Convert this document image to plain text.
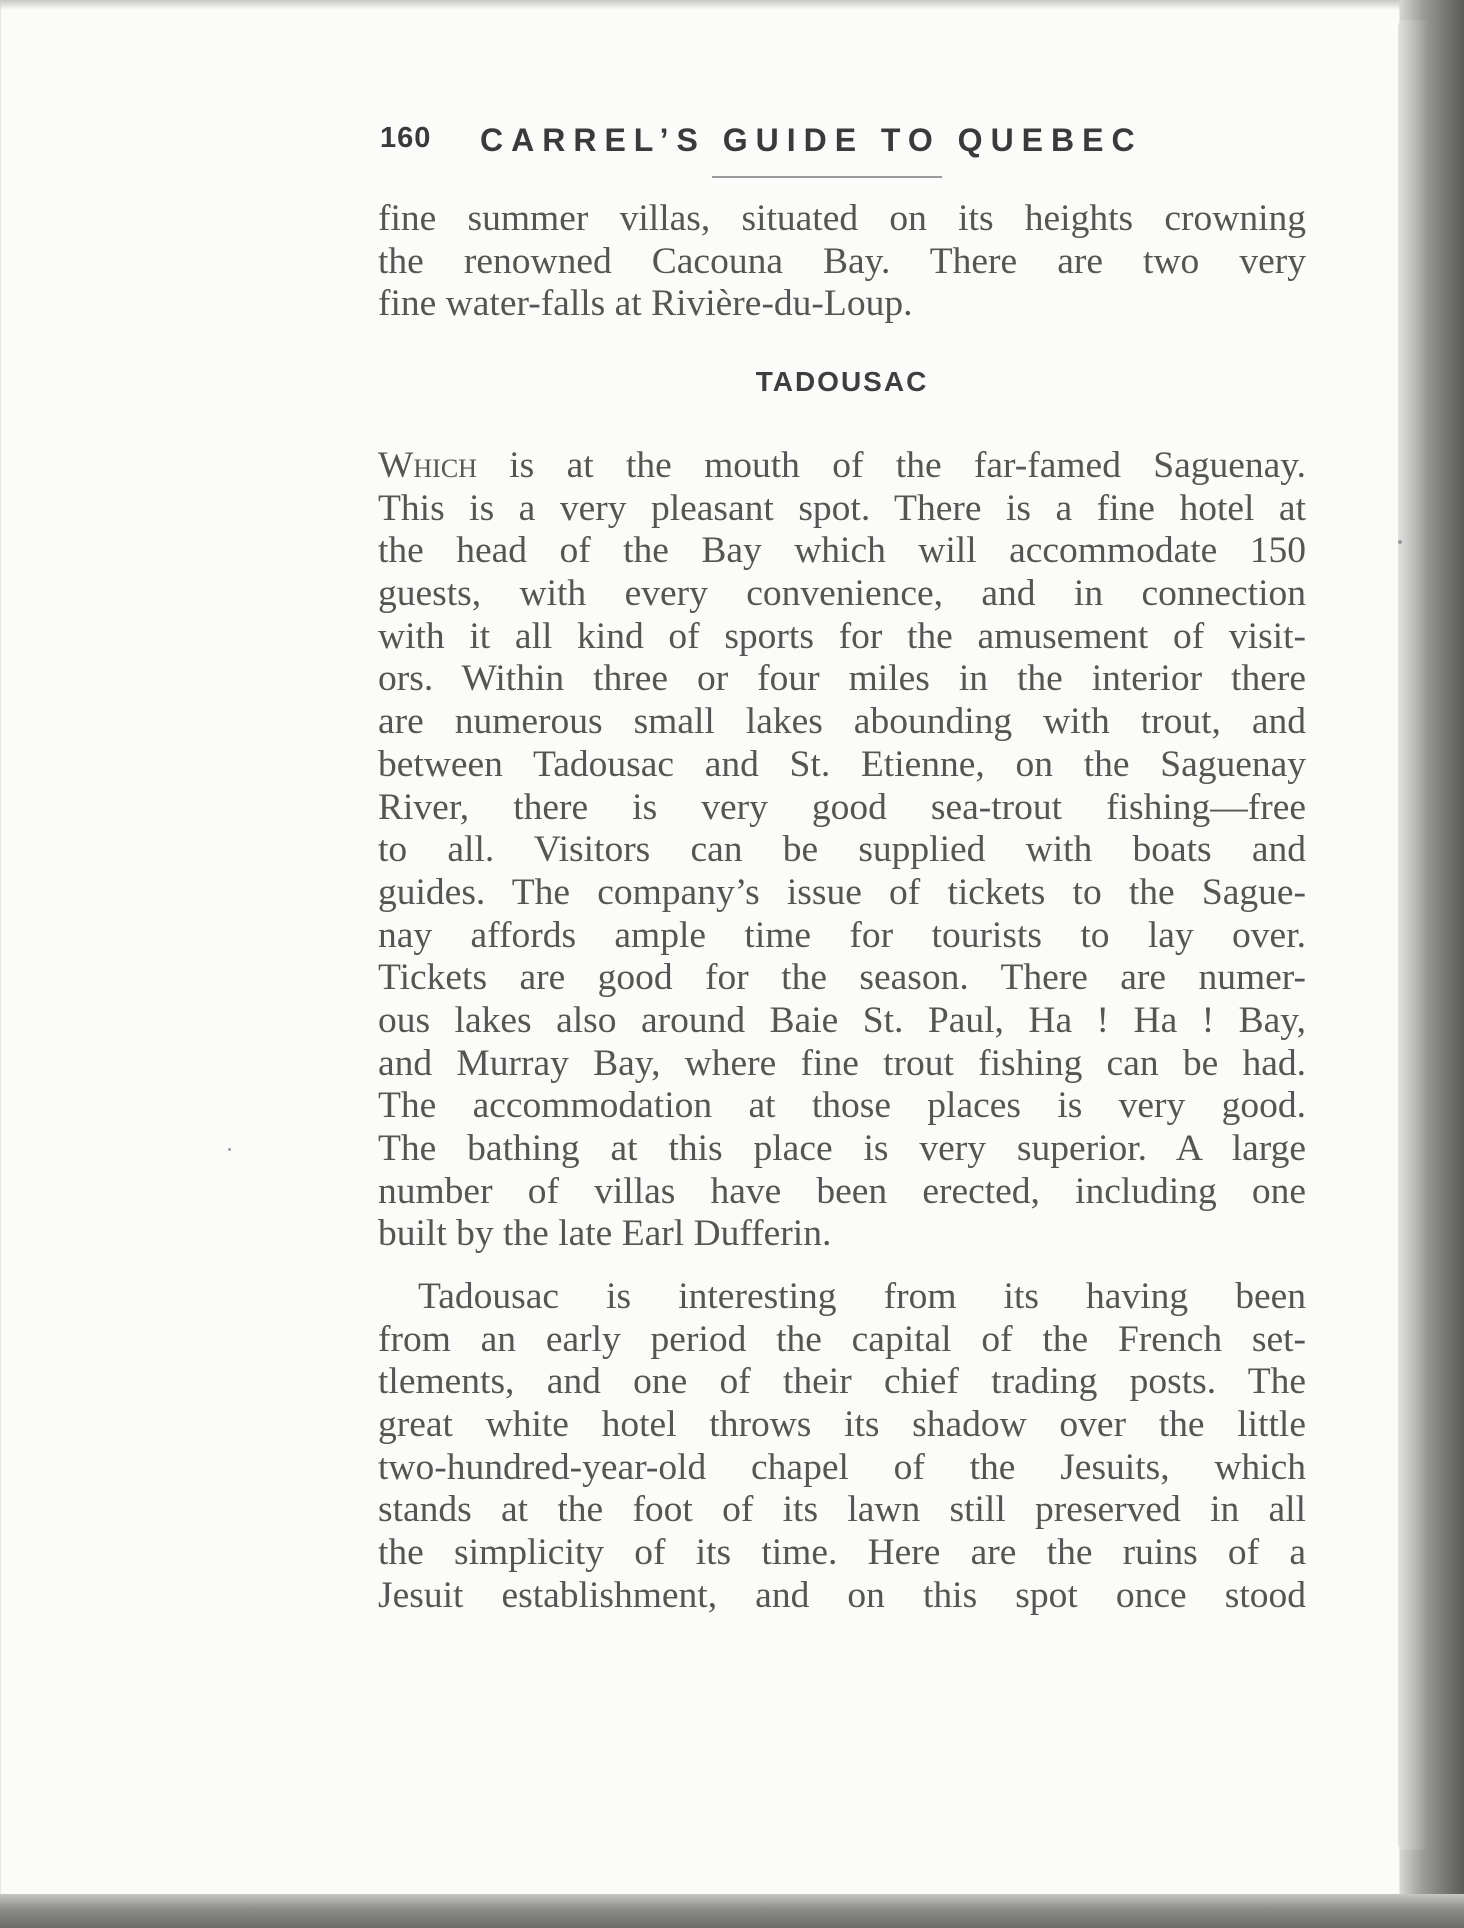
160 CARREL’S GUIDE TO QUEBEC
fine summer villas, situated on its heights crowning
the renowned Cacouna Bay. There are two very
fine water-falls at Rivière-du-Loup.
TADOUSAC
Which is at the mouth of the far-famed Saguenay.
This is a very pleasant spot. There is a fine hotel at
the head of the Bay which will accommodate 150
guests, with every convenience, and in connection
with it all kind of sports for the amusement of visit-
ors. Within three or four miles in the interior there
are numerous small lakes abounding with trout, and
between Tadousac and St. Etienne, on the Saguenay
River, there is very good sea-trout fishing—free
to all. Visitors can be supplied with boats and
guides. The company’s issue of tickets to the Sague-
nay affords ample time for tourists to lay over.
Tickets are good for the season. There are numer-
ous lakes also around Baie St. Paul, Ha ! Ha ! Bay,
and Murray Bay, where fine trout fishing can be had.
The accommodation at those places is very good.
The bathing at this place is very superior. A large
number of villas have been erected, including one
built by the late Earl Dufferin.
Tadousac is interesting from its having been
from an early period the capital of the French set-
tlements, and one of their chief trading posts. The
great white hotel throws its shadow over the little
two-hundred-year-old chapel of the Jesuits, which
stands at the foot of its lawn still preserved in all
the simplicity of its time. Here are the ruins of a
Jesuit establishment, and on this spot once stood
